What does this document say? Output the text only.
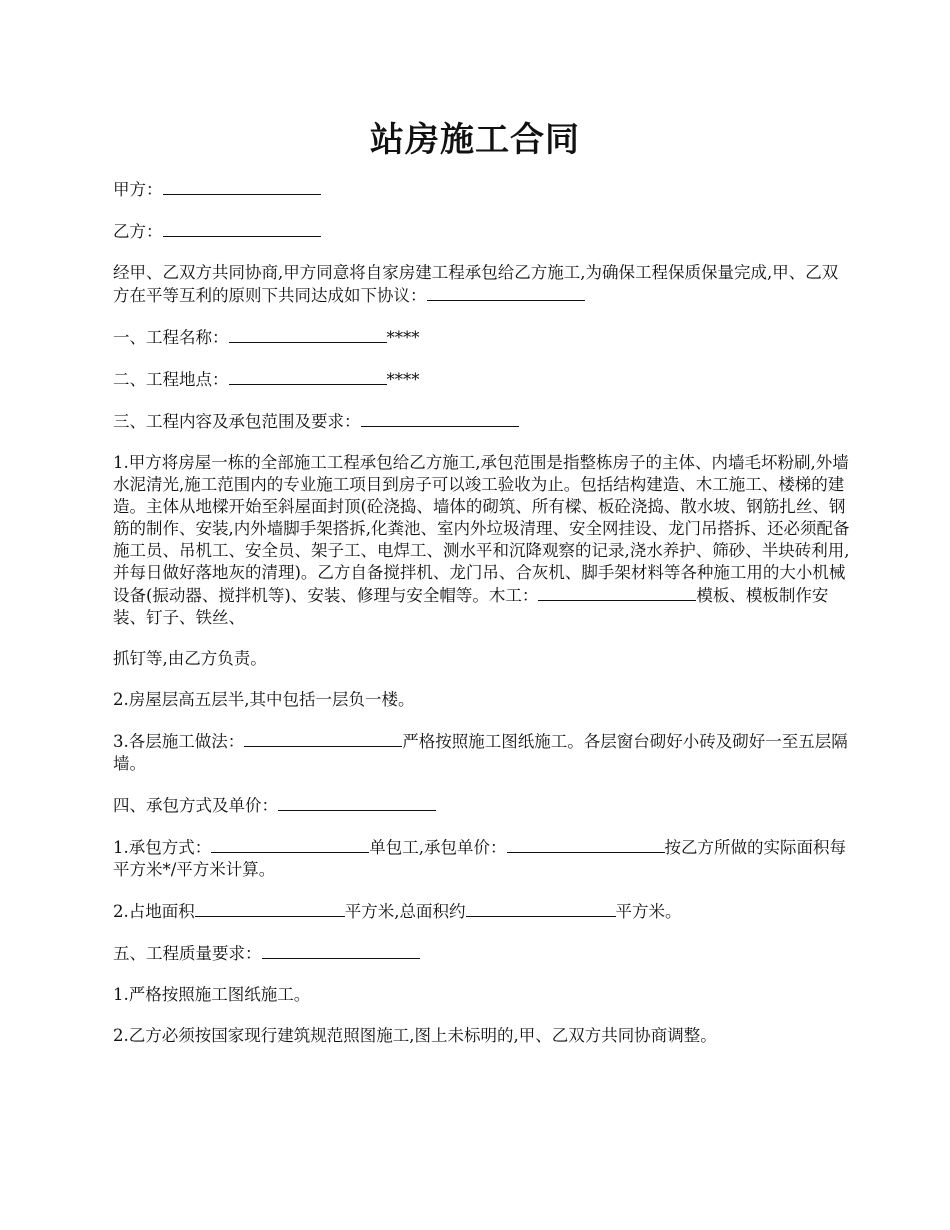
站房施工合同

甲方：

乙方：

经甲、乙双方共同协商,甲方同意将自家房建工程承包给乙方施工,为确保工程保质保量完成,甲、乙双方在平等互利的原则下共同达成如下协议：

一、工程名称：	****

二、工程地点：	****

三、工程内容及承包范围及要求：

1.甲方将房屋一栋的全部施工工程承包给乙方施工,承包范围是指整栋房子的主体、内墙毛坏粉刷,外墙水泥清光,施工范围内的专业施工项目到房子可以竣工验收为止。包括结构建造、木工施工、楼梯的建造。主体从地樑开始至斜屋面封顶(砼浇捣、墙体的砌筑、所有樑、板砼浇捣、散水坡、钢筋扎丝、钢筋的制作、安装,内外墙脚手架搭拆,化粪池、室内外垃圾清理、安全网挂设、龙门吊搭拆、还必须配备施工员、吊机工、安全员、架子工、电焊工、测水平和沉降观察的记录,浇水养护、筛砂、半块砖利用,并每日做好落地灰的清理)。乙方自备搅拌机、龙门吊、合灰机、脚手架材料等各种施工用的大小机械设备(振动器、搅拌机等)、安装、修理与安全帽等。木工：	模板、模板制作安装、钉子、铁丝、

抓钉等,由乙方负责。

2.房屋层高五层半,其中包括一层负一楼。

3.各层施工做法：	严格按照施工图纸施工。各层窗台砌好小砖及砌好一至五层隔墙。

四、承包方式及单价：

1.承包方式：	单包工,承包单价：	按乙方所做的实际面积每平方米*/平方米计算。

2.占地面积	平方米,总面积约	平方米。

五、工程质量要求：

1.严格按照施工图纸施工。

2.乙方必须按国家现行建筑规范照图施工,图上未标明的,甲、乙双方共同协商调整。
